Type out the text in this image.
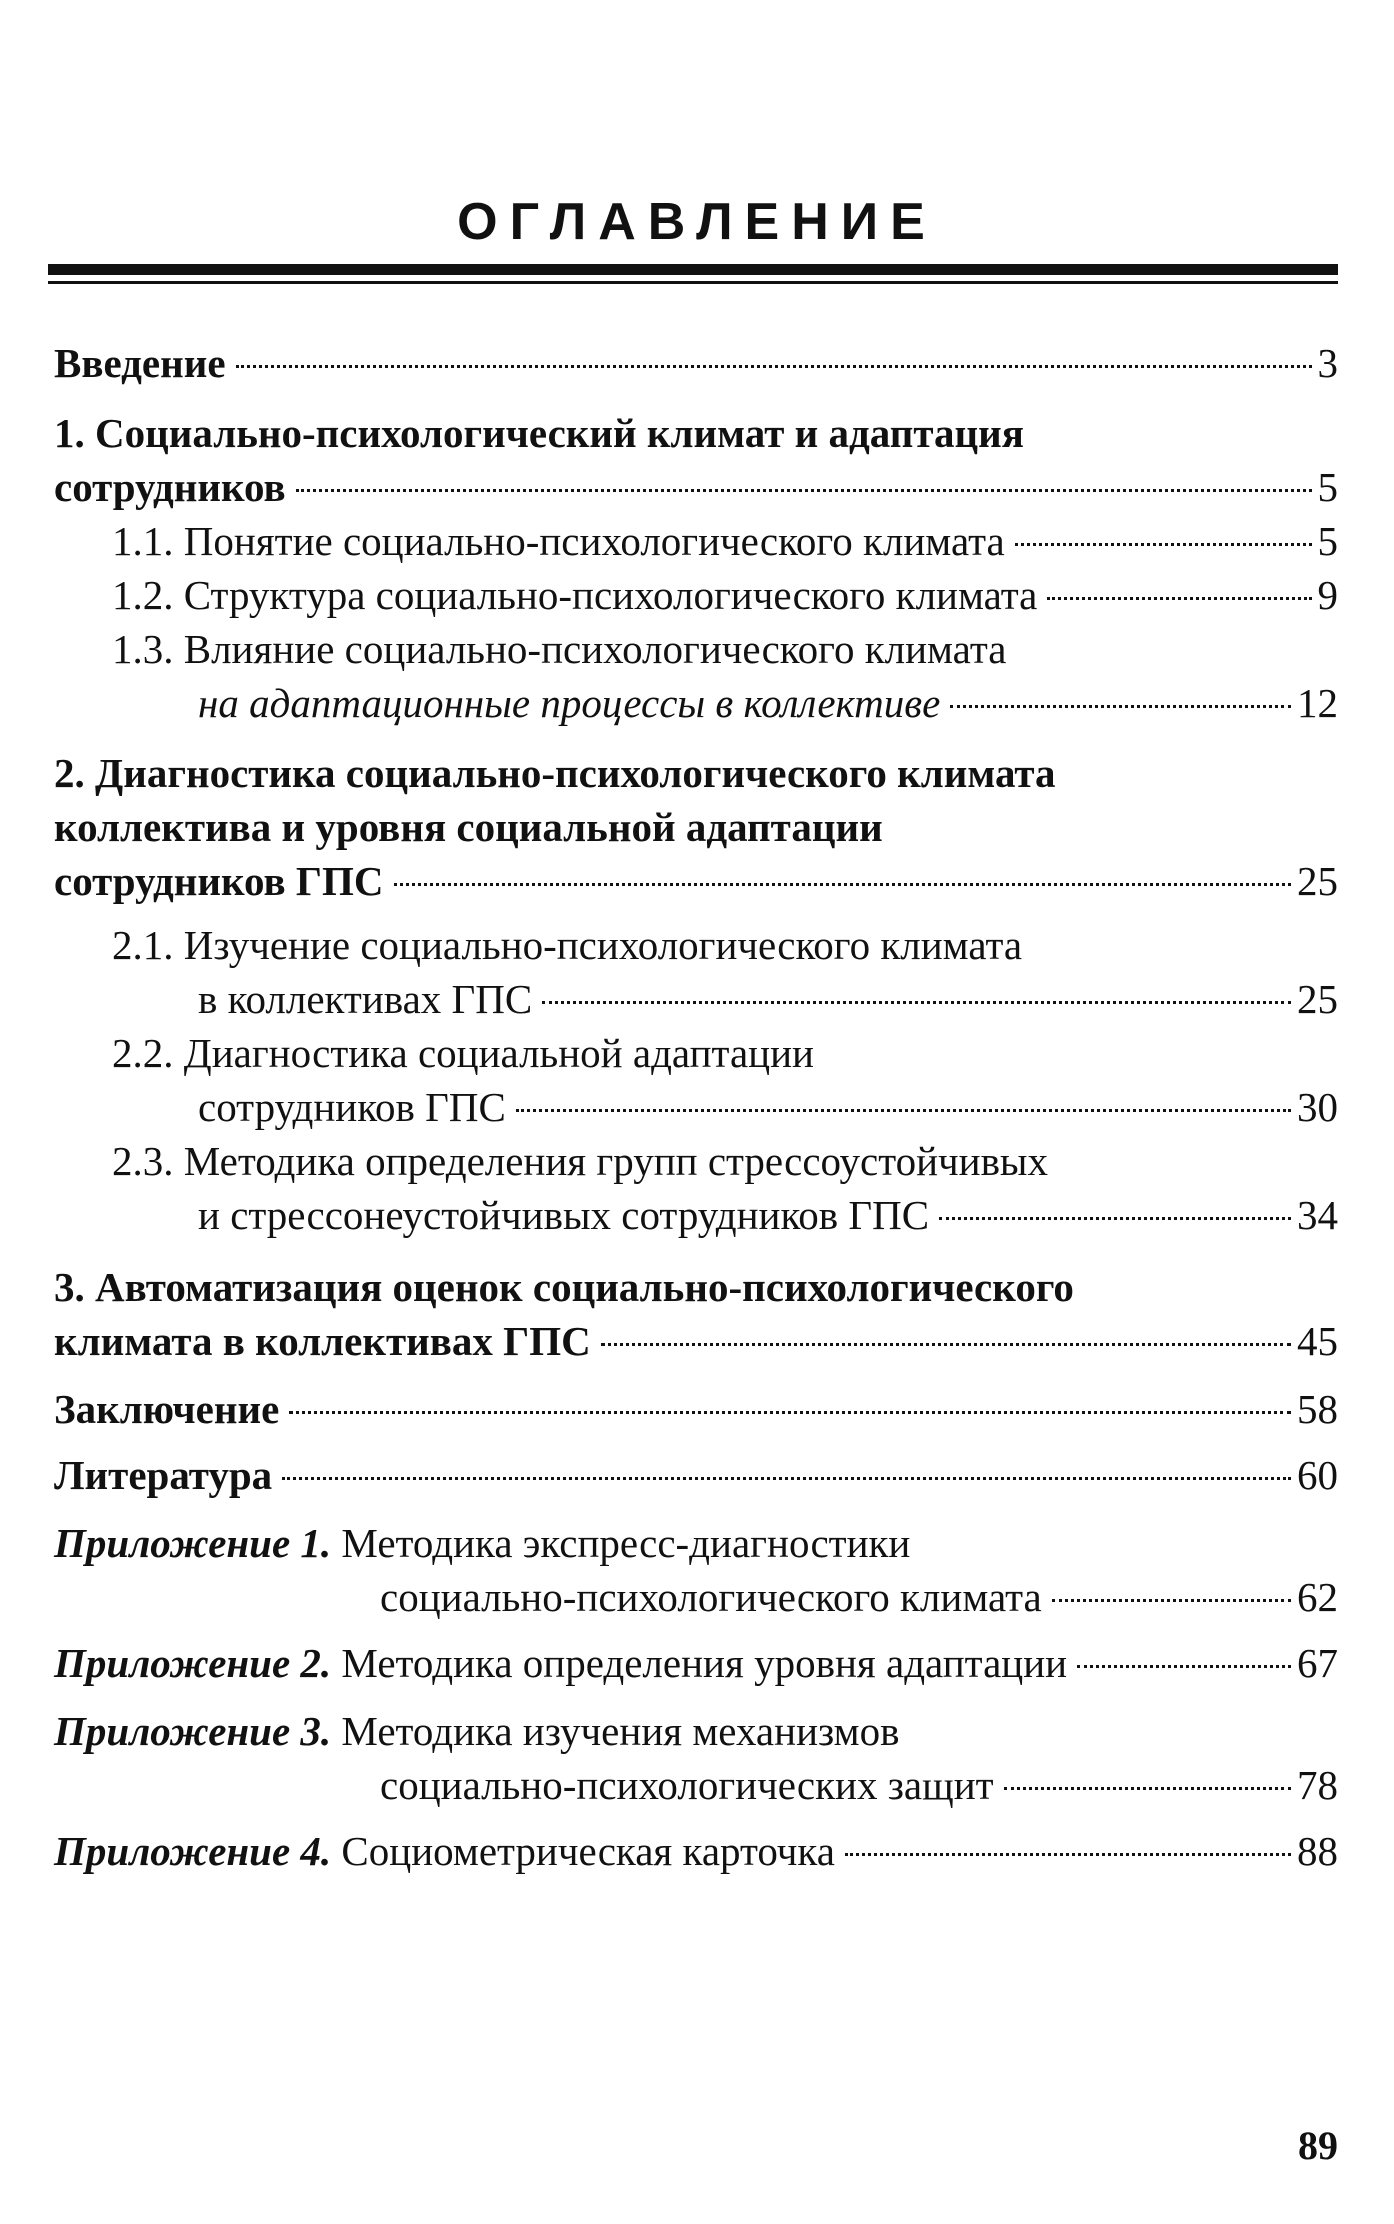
ОГЛАВЛЕНИЕ
Введение	3
1. Социально-психологический климат и адаптация
сотрудников	5
1.1. Понятие социально-психологического климата	5
1.2. Структура социально-психологического климата	9
1.3. Влияние социально-психологического климата
на адаптационные процессы в коллективе	12
2. Диагностика социально-психологического климата
коллектива и уровня социальной адаптации
сотрудников ГПС	25
2.1. Изучение социально-психологического климата
в коллективах ГПС	25
2.2. Диагностика социальной адаптации
сотрудников ГПС	30
2.3. Методика определения групп стрессоустойчивых
и стрессонеустойчивых сотрудников ГПС	34
3. Автоматизация оценок социально-психологического
климата в коллективах ГПС	45
Заключение	58
Литература	60
Приложение 1. Методика экспресс-диагностики
социально-психологического климата	62
Приложение 2. Методика определения уровня адаптации	67
Приложение 3. Методика изучения механизмов
социально-психологических защит	78
Приложение 4. Социометрическая карточка	88
89
